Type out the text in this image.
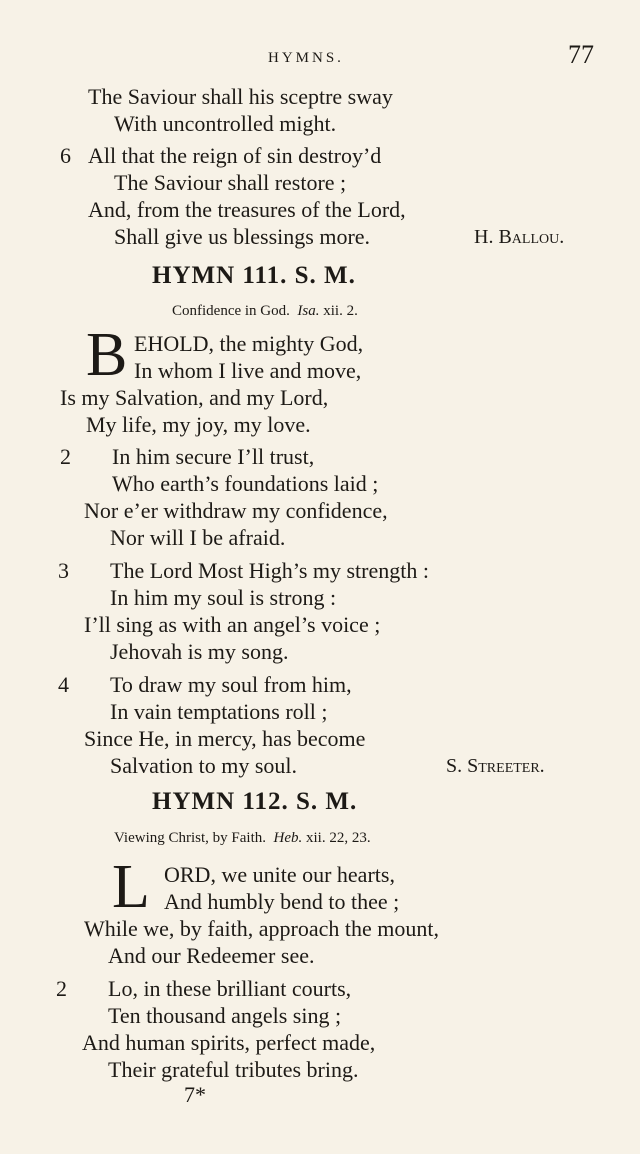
HYMNS.	77
The Saviour shall his sceptre sway
With uncontrolled might.
6 All that the reign of sin destroy’d
The Saviour shall restore ;
And, from the treasures of the Lord,
Shall give us blessings more.	H. Ballou.
HYMN 111. S. M.
Confidence in God. Isa. xii. 2.
B EHOLD, the mighty God,
In whom I live and move,
Is my Salvation, and my Lord,
My life, my joy, my love.
2 In him secure I’ll trust,
Who earth’s foundations laid ;
Nor e’er withdraw my confidence,
Nor will I be afraid.
3 The Lord Most High’s my strength :
In him my soul is strong :
I’ll sing as with an angel’s voice ;
Jehovah is my song.
4 To draw my soul from him,
In vain temptations roll ;
Since He, in mercy, has become
Salvation to my soul.	S. Streeter.
HYMN 112. S. M.
Viewing Christ, by Faith. Heb. xii. 22, 23.
L ORD, we unite our hearts,
And humbly bend to thee ;
While we, by faith, approach the mount,
And our Redeemer see.
2 Lo, in these brilliant courts,
Ten thousand angels sing ;
And human spirits, perfect made,
Their grateful tributes bring.
7*
